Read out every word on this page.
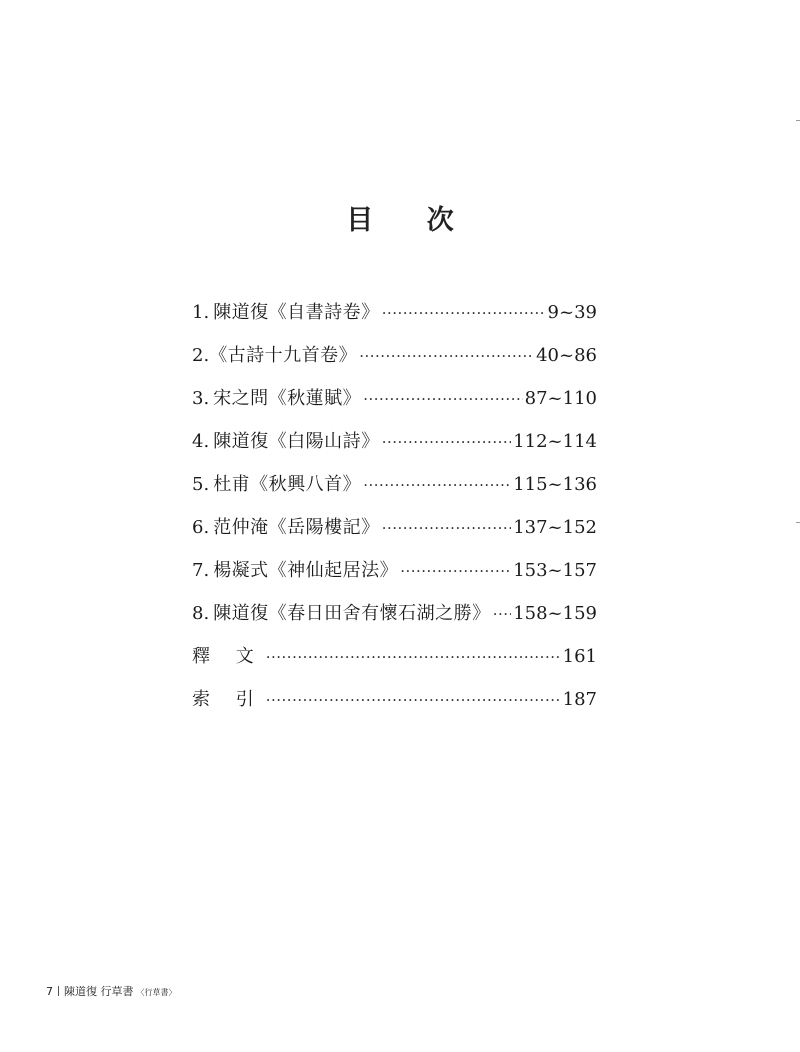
目 次
1. 陳道復《自書詩卷》 ·····	9~39
2. 《古詩十九首卷》 ·····	40~86
3. 宋之問《秋蓮賦》 ·····	87~110
4. 陳道復《白陽山詩》 ·····	112~114
5. 杜甫《秋興八首》 ·····	115~136
6. 范仲淹《岳陽樓記》 ·····	137~152
7. 楊凝式《神仙起居法》 ·····	153~157
8. 陳道復《春日田舍有懷石湖之勝》 ····· 158~159
釋 文 ·····	161
索 引 ·····	187
7 陳道復 行草書 〈行草書〉
